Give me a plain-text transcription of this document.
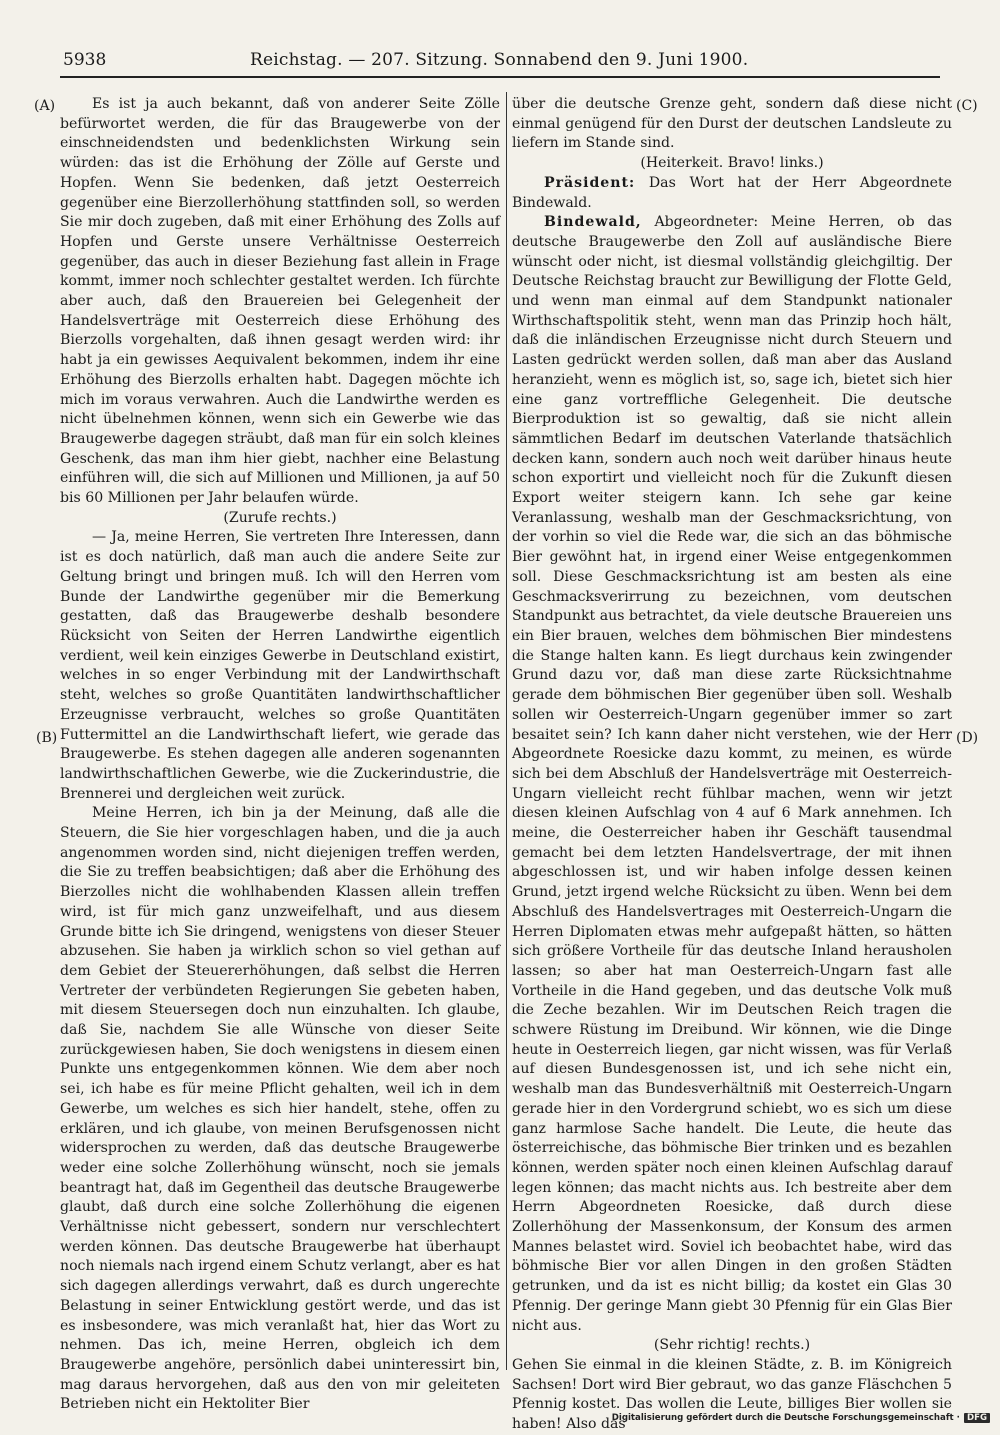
5938	Reichstag. — 207. Sitzung. Sonnabend den 9. Juni 1900.
(A)
(B)
(C)
(D)

Es ist ja auch bekannt, daß von anderer Seite Zölle befürwortet werden, die für das Braugewerbe von der einschneidendsten und bedenklichsten Wirkung sein würden: das ist die Erhöhung der Zölle auf Gerste und Hopfen. Wenn Sie bedenken, daß jetzt Oesterreich gegenüber eine Bierzollerhöhung stattfinden soll, so werden Sie mir doch zugeben, daß mit einer Erhöhung des Zolls auf Hopfen und Gerste unsere Verhältnisse Oesterreich gegenüber, das auch in dieser Beziehung fast allein in Frage kommt, immer noch schlechter gestaltet werden. Ich fürchte aber auch, daß den Brauereien bei Gelegenheit der Handelsverträge mit Oesterreich diese Erhöhung des Bierzolls vorgehalten, daß ihnen gesagt werden wird: ihr habt ja ein gewisses Aequivalent bekommen, indem ihr eine Erhöhung des Bierzolls erhalten habt. Dagegen möchte ich mich im voraus verwahren. Auch die Landwirthe werden es nicht übelnehmen können, wenn sich ein Gewerbe wie das Braugewerbe dagegen sträubt, daß man für ein solch kleines Geschenk, das man ihm hier giebt, nachher eine Belastung einführen will, die sich auf Millionen und Millionen, ja auf 50 bis 60 Millionen per Jahr belaufen würde.

(Zurufe rechts.)

— Ja, meine Herren, Sie vertreten Ihre Interessen, dann ist es doch natürlich, daß man auch die andere Seite zur Geltung bringt und bringen muß. Ich will den Herren vom Bunde der Landwirthe gegenüber mir die Bemerkung gestatten, daß das Braugewerbe deshalb besondere Rücksicht von Seiten der Herren Landwirthe eigentlich verdient, weil kein einziges Gewerbe in Deutschland existirt, welches in so enger Verbindung mit der Landwirthschaft steht, welches so große Quantitäten landwirthschaftlicher Erzeugnisse verbraucht, welches so große Quantitäten Futtermittel an die Landwirthschaft liefert, wie gerade das Braugewerbe. Es stehen dagegen alle anderen sogenannten landwirthschaftlichen Gewerbe, wie die Zuckerindustrie, die Brennerei und dergleichen weit zurück.

Meine Herren, ich bin ja der Meinung, daß alle die Steuern, die Sie hier vorgeschlagen haben, und die ja auch angenommen worden sind, nicht diejenigen treffen werden, die Sie zu treffen beabsichtigen; daß aber die Erhöhung des Bierzolles nicht die wohlhabenden Klassen allein treffen wird, ist für mich ganz unzweifelhaft, und aus diesem Grunde bitte ich Sie dringend, wenigstens von dieser Steuer abzusehen. Sie haben ja wirklich schon so viel gethan auf dem Gebiet der Steuererhöhungen, daß selbst die Herren Vertreter der verbündeten Regierungen Sie gebeten haben, mit diesem Steuersegen doch nun einzuhalten. Ich glaube, daß Sie, nachdem Sie alle Wünsche von dieser Seite zurückgewiesen haben, Sie doch wenigstens in diesem einen Punkte uns entgegenkommen können. Wie dem aber noch sei, ich habe es für meine Pflicht gehalten, weil ich in dem Gewerbe, um welches es sich hier handelt, stehe, offen zu erklären, und ich glaube, von meinen Berufsgenossen nicht widersprochen zu werden, daß das deutsche Braugewerbe weder eine solche Zollerhöhung wünscht, noch sie jemals beantragt hat, daß im Gegentheil das deutsche Braugewerbe glaubt, daß durch eine solche Zollerhöhung die eigenen Verhältnisse nicht gebessert, sondern nur verschlechtert werden können. Das deutsche Braugewerbe hat überhaupt noch niemals nach irgend einem Schutz verlangt, aber es hat sich dagegen allerdings verwahrt, daß es durch ungerechte Belastung in seiner Entwicklung gestört werde, und das ist es insbesondere, was mich veranlaßt hat, hier das Wort zu nehmen. Das ich, meine Herren, obgleich ich dem Braugewerbe angehöre, persönlich dabei uninteressirt bin, mag daraus hervorgehen, daß aus den von mir geleiteten Betrieben nicht ein Hektoliter Bier

über die deutsche Grenze geht, sondern daß diese nicht einmal genügend für den Durst der deutschen Landsleute zu liefern im Stande sind.

(Heiterkeit. Bravo! links.)

Präsident: Das Wort hat der Herr Abgeordnete Bindewald.

Bindewald, Abgeordneter: Meine Herren, ob das deutsche Braugewerbe den Zoll auf ausländische Biere wünscht oder nicht, ist diesmal vollständig gleichgiltig. Der Deutsche Reichstag braucht zur Bewilligung der Flotte Geld, und wenn man einmal auf dem Standpunkt nationaler Wirthschaftspolitik steht, wenn man das Prinzip hoch hält, daß die inländischen Erzeugnisse nicht durch Steuern und Lasten gedrückt werden sollen, daß man aber das Ausland heranzieht, wenn es möglich ist, so, sage ich, bietet sich hier eine ganz vortreffliche Gelegenheit. Die deutsche Bierproduktion ist so gewaltig, daß sie nicht allein sämmtlichen Bedarf im deutschen Vaterlande thatsächlich decken kann, sondern auch noch weit darüber hinaus heute schon exportirt und vielleicht noch für die Zukunft diesen Export weiter steigern kann. Ich sehe gar keine Veranlassung, weshalb man der Geschmacksrichtung, von der vorhin so viel die Rede war, die sich an das böhmische Bier gewöhnt hat, in irgend einer Weise entgegenkommen soll. Diese Geschmacksrichtung ist am besten als eine Geschmacksverirrung zu bezeichnen, vom deutschen Standpunkt aus betrachtet, da viele deutsche Brauereien uns ein Bier brauen, welches dem böhmischen Bier mindestens die Stange halten kann. Es liegt durchaus kein zwingender Grund dazu vor, daß man diese zarte Rücksichtnahme gerade dem böhmischen Bier gegenüber üben soll. Weshalb sollen wir Oesterreich-Ungarn gegenüber immer so zart besaitet sein? Ich kann daher nicht verstehen, wie der Herr Abgeordnete Roesicke dazu kommt, zu meinen, es würde sich bei dem Abschluß der Handelsverträge mit Oesterreich-Ungarn vielleicht recht fühlbar machen, wenn wir jetzt diesen kleinen Aufschlag von 4 auf 6 Mark annehmen. Ich meine, die Oesterreicher haben ihr Geschäft tausendmal gemacht bei dem letzten Handelsvertrage, der mit ihnen abgeschlossen ist, und wir haben infolge dessen keinen Grund, jetzt irgend welche Rücksicht zu üben. Wenn bei dem Abschluß des Handelsvertrages mit Oesterreich-Ungarn die Herren Diplomaten etwas mehr aufgepaßt hätten, so hätten sich größere Vortheile für das deutsche Inland herausholen lassen; so aber hat man Oesterreich-Ungarn fast alle Vortheile in die Hand gegeben, und das deutsche Volk muß die Zeche bezahlen. Wir im Deutschen Reich tragen die schwere Rüstung im Dreibund. Wir können, wie die Dinge heute in Oesterreich liegen, gar nicht wissen, was für Verlaß auf diesen Bundesgenossen ist, und ich sehe nicht ein, weshalb man das Bundesverhältniß mit Oesterreich-Ungarn gerade hier in den Vordergrund schiebt, wo es sich um diese ganz harmlose Sache handelt. Die Leute, die heute das österreichische, das böhmische Bier trinken und es bezahlen können, werden später noch einen kleinen Aufschlag darauf legen können; das macht nichts aus. Ich bestreite aber dem Herrn Abgeordneten Roesicke, daß durch diese Zollerhöhung der Massenkonsum, der Konsum des armen Mannes belastet wird. Soviel ich beobachtet habe, wird das böhmische Bier vor allen Dingen in den großen Städten getrunken, und da ist es nicht billig; da kostet ein Glas 30 Pfennig. Der geringe Mann giebt 30 Pfennig für ein Glas Bier nicht aus.

(Sehr richtig! rechts.)

Gehen Sie einmal in die kleinen Städte, z. B. im Königreich Sachsen! Dort wird Bier gebraut, wo das ganze Fläschchen 5 Pfennig kostet. Das wollen die Leute, billiges Bier wollen sie haben! Also das

Digitalisierung gefördert durch die Deutsche Forschungsgemeinschaft · DFG
